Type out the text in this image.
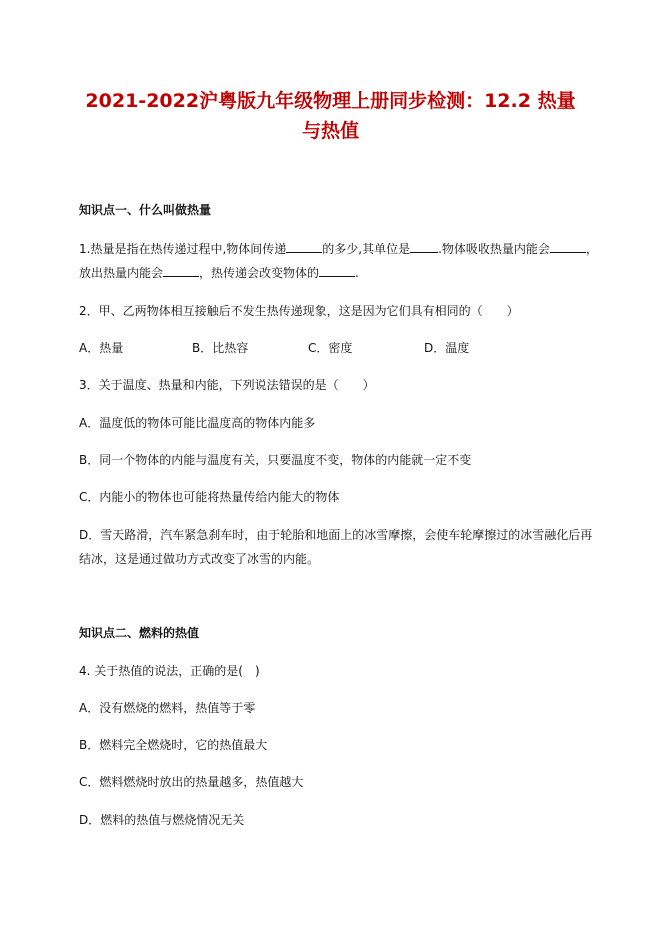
2021-2022沪粤版九年级物理上册同步检测：12.2 热量
与热值
知识点一、什么叫做热量
1.热量是指在热传递过程中,物体间传递	的多少,其单位是 .物体吸收热量内能会	，
放出热量内能会	，热传递会改变物体的	.
2．甲、乙两物体相互接触后不发生热传递现象，这是因为它们具有相同的（　　）
A．热量	B．比热容	C．密度	D．温度
3．关于温度、热量和内能，下列说法错误的是（　　）
A．温度低的物体可能比温度高的物体内能多
B．同一个物体的内能与温度有关，只要温度不变，物体的内能就一定不变
C．内能小的物体也可能将热量传给内能大的物体
D．雪天路滑，汽车紧急刹车时，由于轮胎和地面上的冰雪摩擦，会使车轮摩擦过的冰雪融化后再
结冰，这是通过做功方式改变了冰雪的内能。
知识点二、燃料的热值
4. 关于热值的说法，正确的是(　)
A．没有燃烧的燃料，热值等于零
B．燃料完全燃烧时，它的热值最大
C．燃料燃烧时放出的热量越多，热值越大
D．燃料的热值与燃烧情况无关
